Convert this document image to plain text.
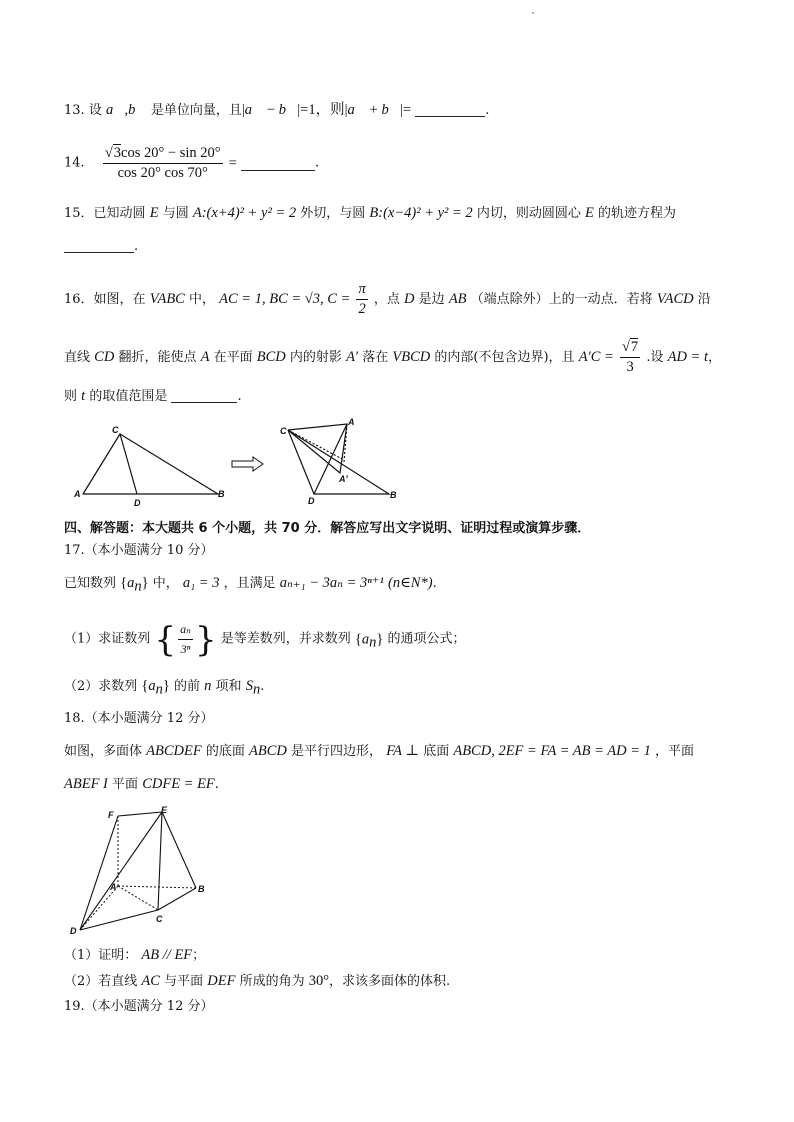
13. 设 a⃗,b⃗ 是单位向量，且|a⃗ − b⃗|=1，则|a⃗ + b⃗|=	.
14. $\frac{√3\cos 20^\circ - \sin 20^\circ}{\cos 20^\circ \cos 70^\circ}$ =	.
15．已知动圆 E 与圆 A:(x+4)² + y² = 2 外切，与圆 B:(x−4)² + y² = 2 内切，则动圆圆心 E 的轨迹方程为
.
16．如图，在 VABC 中， AC = 1, BC = √3, $C = \frac{\pi}{2}$ ，点 D 是边 AB （端点除外）上的一动点．若将 VACD 沿
直线 CD 翻折，能使点 A 在平面 BCD 内的射影 A′ 落在 VBCD 的内部(不包含边界)，且 $A'C = \frac{√7}{3}$ .设 AD = t，
则 t 的取值范围是	.
C
A
D
B
C
A
A′
D
B
四、解答题：本大题共 6 个小题，共 70 分．解答应写出文字说明、证明过程或演算步骤．
17.（本小题满分 10 分）
已知数列 $\{a_n\}$ 中， a₁ = 3 ，且满足 aₙ₊₁ − 3aₙ = 3ⁿ⁺¹ (n∈N*).
（1）求证数列 { $\frac{\text{aₙ}}{\text{3ⁿ}}$ } 是等差数列，并求数列 $\{a_n\}$ 的通项公式；
（2）求数列 $\{a_n\}$ 的前 n 项和 $S_n$.
18.（本小题满分 12 分）
如图，多面体 ABCDEF 的底面 ABCD 是平行四边形， FA ⊥ 底面 ABCD, 2EF = FA = AB = AD = 1 ，平面
ABEF I 平面 CDFE = EF.
F	E
A	B
D
C
（1）证明： AB // EF；
（2）若直线 AC 与平面 DEF 所成的角为 30°，求该多面体的体积.
19.（本小题满分 12 分）
